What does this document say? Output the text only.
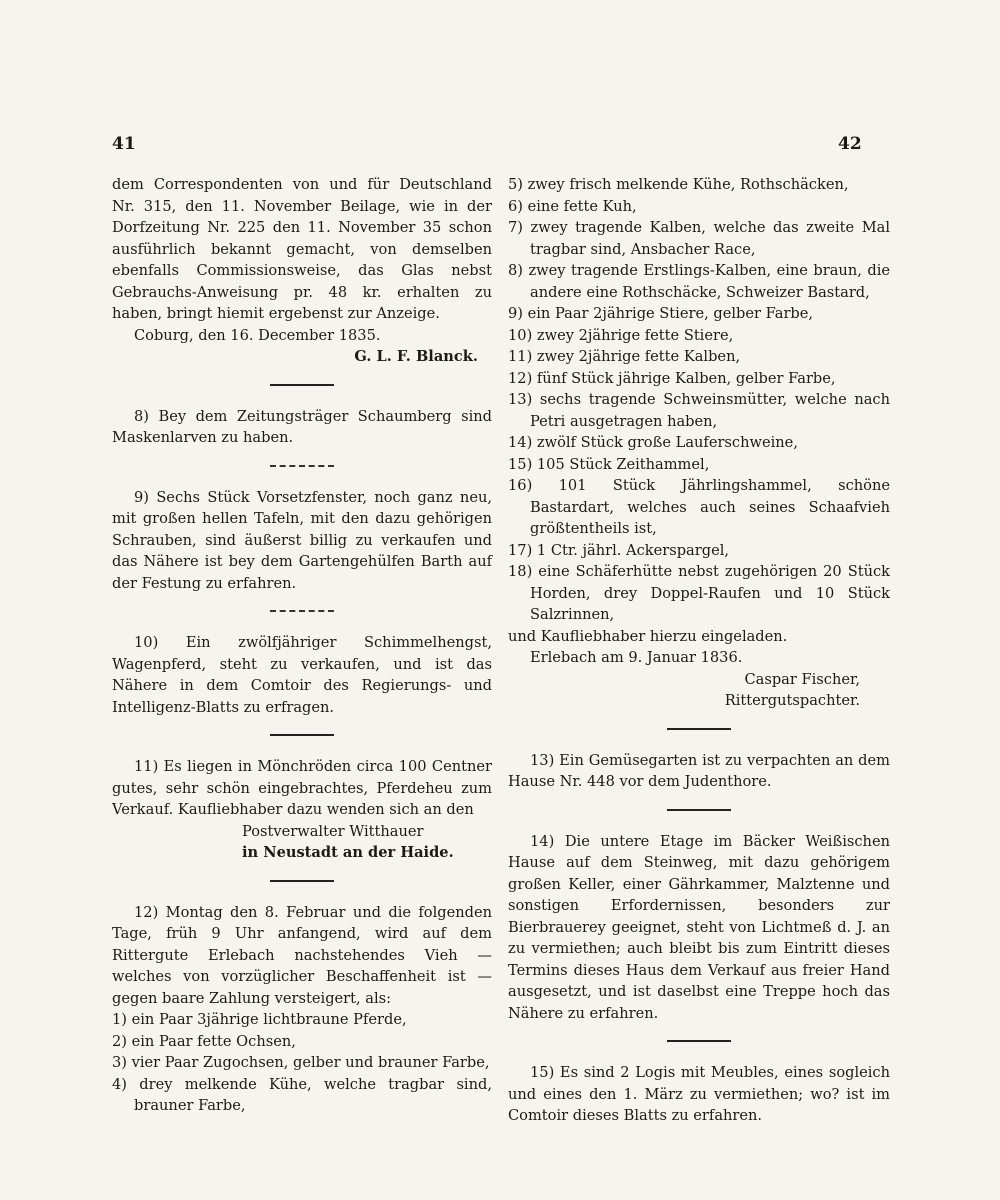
41	42

dem Correspondenten von und für Deutschland Nr. 315, den 11. November Beilage, wie in der Dorfzeitung Nr. 225 den 11. November 35 schon ausführlich bekannt gemacht, von demselben ebenfalls Commissionsweise, das Glas nebst Gebrauchs-Anweisung pr. 48 kr. erhalten zu haben, bringt hiemit ergebenst zur Anzeige.

Coburg, den 16. December 1835.

G. L. F. Blanck.

8) Bey dem Zeitungsträger Schaumberg sind Maskenlarven zu haben.

9) Sechs Stück Vorsetzfenster, noch ganz neu, mit großen hellen Tafeln, mit den dazu gehörigen Schrauben, sind äußerst billig zu verkaufen und das Nähere ist bey dem Gartengehülfen Barth auf der Festung zu erfahren.

10) Ein zwölfjähriger Schimmelhengst, Wagenpferd, steht zu verkaufen, und ist das Nähere in dem Comtoir des Regierungs- und Intelligenz-Blatts zu erfragen.

11) Es liegen in Mönchröden circa 100 Centner gutes, sehr schön eingebrachtes, Pferdeheu zum Verkauf. Kaufliebhaber dazu wenden sich an den

Postverwalter Witthauer

in Neustadt an der Haide.

12) Montag den 8. Februar und die folgenden Tage, früh 9 Uhr anfangend, wird auf dem Rittergute Erlebach nachstehendes Vieh — welches von vorzüglicher Beschaffenheit ist — gegen baare Zahlung versteigert, als:

1) ein Paar 3jährige lichtbraune Pferde,

2) ein Paar fette Ochsen,

3) vier Paar Zugochsen, gelber und brauner Farbe,

4) drey melkende Kühe, welche tragbar sind, brauner Farbe,

5) zwey frisch melkende Kühe, Rothschäcken,

6) eine fette Kuh,

7) zwey tragende Kalben, welche das zweite Mal tragbar sind, Ansbacher Race,

8) zwey tragende Erstlings-Kalben, eine braun, die andere eine Rothschäcke, Schweizer Bastard,

9) ein Paar 2jährige Stiere, gelber Farbe,

10) zwey 2jährige fette Stiere,

11) zwey 2jährige fette Kalben,

12) fünf Stück jährige Kalben, gelber Farbe,

13) sechs tragende Schweinsmütter, welche nach Petri ausgetragen haben,

14) zwölf Stück große Lauferschweine,

15) 105 Stück Zeithammel,

16) 101 Stück Jährlingshammel, schöne Bastardart, welches auch seines Schaafvieh größtentheils ist,

17) 1 Ctr. jährl. Ackerspargel,

18) eine Schäferhütte nebst zugehörigen 20 Stück Horden, drey Doppel-Raufen und 10 Stück Salzrinnen,

und Kaufliebhaber hierzu eingeladen.

Erlebach am 9. Januar 1836.

Caspar Fischer,

Rittergutspachter.

13) Ein Gemüsegarten ist zu verpachten an dem Hause Nr. 448 vor dem Judenthore.

14) Die untere Etage im Bäcker Weißischen Hause auf dem Steinweg, mit dazu gehörigem großen Keller, einer Gährkammer, Malztenne und sonstigen Erfordernissen, besonders zur Bierbrauerey geeignet, steht von Lichtmeß d. J. an zu vermiethen; auch bleibt bis zum Eintritt dieses Termins dieses Haus dem Verkauf aus freier Hand ausgesetzt, und ist daselbst eine Treppe hoch das Nähere zu erfahren.

15) Es sind 2 Logis mit Meubles, eines sogleich und eines den 1. März zu vermiethen; wo? ist im Comtoir dieses Blatts zu erfahren.
